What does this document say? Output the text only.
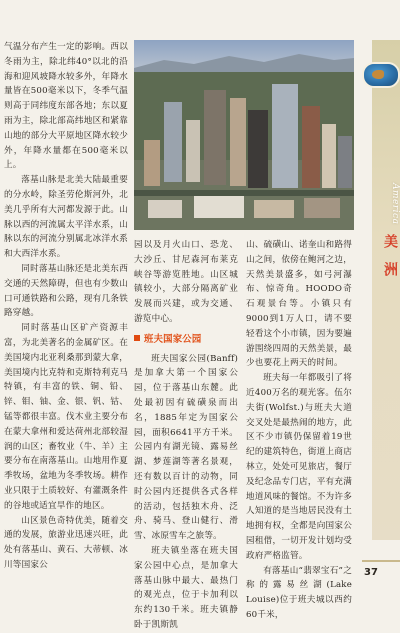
气温分布产生一定的影响。西以冬雨为主，除北纬40°以北的沿海和迎风坡降水较多外，年降水量皆在500毫米以下，冬季气温则高于同纬度东部各地；东以夏雨为主，除北部高纬地区和紧靠山地的部分大平原地区降水较少外，年降水量都在500毫米以上。

落基山脉是北美大陆最重要的分水岭，除圣劳伦斯河外，北美几乎所有大河都发源于此。山脉以西的河流属太平洋水系，山脉以东的河流分别属北冰洋水系和大西洋水系。

同时落基山脉还是北美东西交通的天然障碍，但也有少数山口可通铁路和公路，现有几条铁路穿越。

同时落基山区矿产资源丰富，为北美著名的金属矿区。在美国境内北亚利桑那到蒙大拿，美国境内比克特和克斯特利克马特镇，有丰富的铁、铜、铅、锌、钼、铀、金、银、钒、钴、锰等都很丰富。伐木业主要分布在蒙大拿州和爱达荷州北部较湿润的山区；畜牧业（牛、羊）主要分布在南落基山。山地用作夏季牧场，盆地为冬季牧场。耕作业只限于土质较好、有灌溉条件的谷地或适宜旱作的地区。

山区景色奇特优美，随着交通的发展，旅游业迅速兴旺，此处有落基山、黄石、大蒂顿、冰川等国家公

园以及月火山口、恐龙、大沙丘、甘尼森河布莱克峡谷等游览胜地。山区城镇较小，大部分隔离矿业发展而兴建，或为交通、游览中心。

班夫国家公园

班夫国家公园(Banff)是加拿大第一个国家公园，位于落基山东麓。此处最初因有硫磺泉而出名，1885年定为国家公园，面积6641平方千米。公园内有湖光镜、露易丝湖、梦莲湖等著名景观，还有数以百计的动物，同时公园内还提供各式各样的活动，包括独木舟、泛舟、骑马、登山健行、滑雪、冰原雪车之旅等。

班夫镇坐落在班夫国家公园中心点，是加拿大落基山脉中最大、最热门的观光点，位于卡加利以东约130千米。班夫镇静卧于凯斯凯

山、硫磺山、诺奎山和路得山之间，依傍在鲍河之边，天然美景盛多，如弓河瀑布、惊奇角。HOODO奇石观景台等。小镇只有9000到1万人口，请不要轻看这个小市镇，因为要遍游围绕四周的天然美景，最少也要花上两天的时间。

班夫每一年都吸引了将近400万名的观光客。伍尔夫街(Wolfst.)与班夫大道交叉处是最热闹的地方，此区不少市镇仍保留着19世纪的建筑特色，街道上商店林立，处处可见旅店，餐厅及纪念品专门店，平有充满地道风味的餐馆。不为许多人知道的是当地居民没有土地拥有权，全都是向国家公园租借，一切开发计划均受政府严格监管。

有落基山“翡翠宝石”之称的露易丝湖(Lake Louise)位于班夫城以西约60千米，

America
美洲
37
